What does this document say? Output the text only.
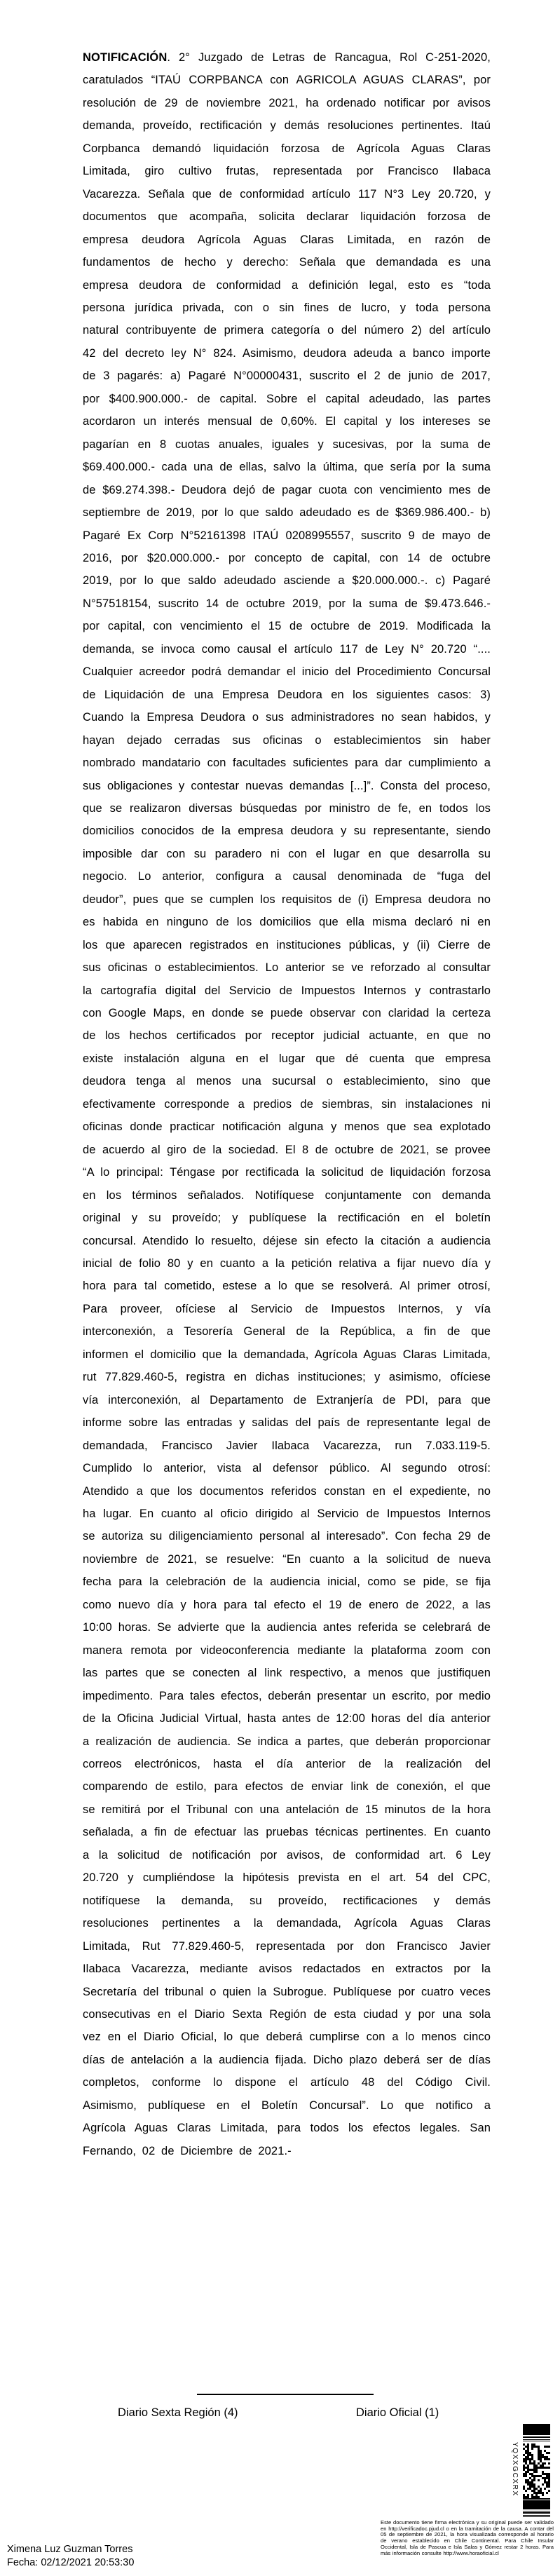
NOTIFICACIÓN. 2° Juzgado de Letras de Rancagua, Rol C-251-2020, caratulados “ITAÚ CORPBANCA con AGRICOLA AGUAS CLARAS”, por resolución de 29 de noviembre 2021, ha ordenado notificar por avisos demanda, proveído, rectificación y demás resoluciones pertinentes. Itaú Corpbanca demandó liquidación forzosa de Agrícola Aguas Claras Limitada, giro cultivo frutas, representada por Francisco Ilabaca Vacarezza. Señala que de conformidad artículo 117 N°3 Ley 20.720, y documentos que acompaña, solicita declarar liquidación forzosa de empresa deudora Agrícola Aguas Claras Limitada, en razón de fundamentos de hecho y derecho: Señala que demandada es una empresa deudora de conformidad a definición legal, esto es “toda persona jurídica privada, con o sin fines de lucro, y toda persona natural contribuyente de primera categoría o del número 2) del artículo 42 del decreto ley N° 824. Asimismo, deudora adeuda a banco importe de 3 pagarés: a) Pagaré N°00000431, suscrito el 2 de junio de 2017, por $400.900.000.- de capital. Sobre el capital adeudado, las partes acordaron un interés mensual de 0,60%. El capital y los intereses se pagarían en 8 cuotas anuales, iguales y sucesivas, por la suma de $69.400.000.- cada una de ellas, salvo la última, que sería por la suma de $69.274.398.- Deudora dejó de pagar cuota con vencimiento mes de septiembre de 2019, por lo que saldo adeudado es de $369.986.400.- b) Pagaré Ex Corp N°52161398 ITAÚ 0208995557, suscrito 9 de mayo de 2016, por $20.000.000.- por concepto de capital, con 14 de octubre 2019, por lo que saldo adeudado asciende a $20.000.000.-. c) Pagaré N°57518154, suscrito 14 de octubre 2019, por la suma de $9.473.646.- por capital, con vencimiento el 15 de octubre de 2019. Modificada la demanda, se invoca como causal el artículo 117 de Ley N° 20.720 “.... Cualquier acreedor podrá demandar el inicio del Procedimiento Concursal de Liquidación de una Empresa Deudora en los siguientes casos: 3) Cuando la Empresa Deudora o sus administradores no sean habidos, y hayan dejado cerradas sus oficinas o establecimientos sin haber nombrado mandatario con facultades suficientes para dar cumplimiento a sus obligaciones y contestar nuevas demandas [...]”. Consta del proceso, que se realizaron diversas búsquedas por ministro de fe, en todos los domicilios conocidos de la empresa deudora y su representante, siendo imposible dar con su paradero ni con el lugar en que desarrolla su negocio. Lo anterior, configura a causal denominada de “fuga del deudor”, pues que se cumplen los requisitos de (i) Empresa deudora no es habida en ninguno de los domicilios que ella misma declaró ni en los que aparecen registrados en instituciones públicas, y (ii) Cierre de sus oficinas o establecimientos. Lo anterior se ve reforzado al consultar la cartografía digital del Servicio de Impuestos Internos y contrastarlo con Google Maps, en donde se puede observar con claridad la certeza de los hechos certificados por receptor judicial actuante, en que no existe instalación alguna en el lugar que dé cuenta que empresa deudora tenga al menos una sucursal o establecimiento, sino que efectivamente corresponde a predios de siembras, sin instalaciones ni oficinas donde practicar notificación alguna y menos que sea explotado de acuerdo al giro de la sociedad. El 8 de octubre de 2021, se provee “A lo principal: Téngase por rectificada la solicitud de liquidación forzosa en los términos señalados. Notifíquese conjuntamente con demanda original y su proveído; y publíquese la rectificación en el boletín concursal. Atendido lo resuelto, déjese sin efecto la citación a audiencia inicial de folio 80 y en cuanto a la petición relativa a fijar nuevo día y hora para tal cometido, estese a lo que se resolverá. Al primer otrosí, Para proveer, ofíciese al Servicio de Impuestos Internos, y vía interconexión, a Tesorería General de la República, a fin de que informen el domicilio que la demandada, Agrícola Aguas Claras Limitada, rut 77.829.460-5, registra en dichas instituciones; y asimismo, ofíciese vía interconexión, al Departamento de Extranjería de PDI, para que informe sobre las entradas y salidas del país de representante legal de demandada, Francisco Javier Ilabaca Vacarezza, run 7.033.119-5. Cumplido lo anterior, vista al defensor público. Al segundo otrosí: Atendido a que los documentos referidos constan en el expediente, no ha lugar. En cuanto al oficio dirigido al Servicio de Impuestos Internos se autoriza su diligenciamiento personal al interesado”. Con fecha 29 de noviembre de 2021, se resuelve: “En cuanto a la solicitud de nueva fecha para la celebración de la audiencia inicial, como se pide, se fija como nuevo día y hora para tal efecto el 19 de enero de 2022, a las 10:00 horas. Se advierte que la audiencia antes referida se celebrará de manera remota por videoconferencia mediante la plataforma zoom con las partes que se conecten al link respectivo, a menos que justifiquen impedimento. Para tales efectos, deberán presentar un escrito, por medio de la Oficina Judicial Virtual, hasta antes de 12:00 horas del día anterior a realización de audiencia. Se indica a partes, que deberán proporcionar correos electrónicos, hasta el día anterior de la realización del comparendo de estilo, para efectos de enviar link de conexión, el que se remitirá por el Tribunal con una antelación de 15 minutos de la hora señalada, a fin de efectuar las pruebas técnicas pertinentes. En cuanto a la solicitud de notificación por avisos, de conformidad art. 6 Ley 20.720 y cumpliéndose la hipótesis prevista en el art. 54 del CPC, notifíquese la demanda, su proveído, rectificaciones y demás resoluciones pertinentes a la demandada, Agrícola Aguas Claras Limitada, Rut 77.829.460-5, representada por don Francisco Javier Ilabaca Vacarezza, mediante avisos redactados en extractos por la Secretaría del tribunal o quien la Subrogue. Publíquese por cuatro veces consecutivas en el Diario Sexta Región de esta ciudad y por una sola vez en el Diario Oficial, lo que deberá cumplirse con a lo menos cinco días de antelación a la audiencia fijada. Dicho plazo deberá ser de días completos, conforme lo dispone el artículo 48 del Código Civil. Asimismo, publíquese en el Boletín Concursal”. Lo que notifico a Agrícola Aguas Claras Limitada, para todos los efectos legales. San Fernando, 02 de Diciembre de 2021.-
Diario Sexta Región (4)	Diario Oficial (1)
YQXXGCXRX
Este documento tiene firma electrónica y su original puede ser validado en http://verificadoc.pjud.cl o en la tramitación de la causa. A contar del 05 de septiembre de 2021, la hora visualizada corresponde al horario de verano establecido en Chile Continental. Para Chile Insular Occidental, Isla de Pascua e Isla Salas y Gómez restar 2 horas. Para más información consulte http://www.horaoficial.cl
Ximena Luz Guzman Torres
Fecha: 02/12/2021 20:53:30
